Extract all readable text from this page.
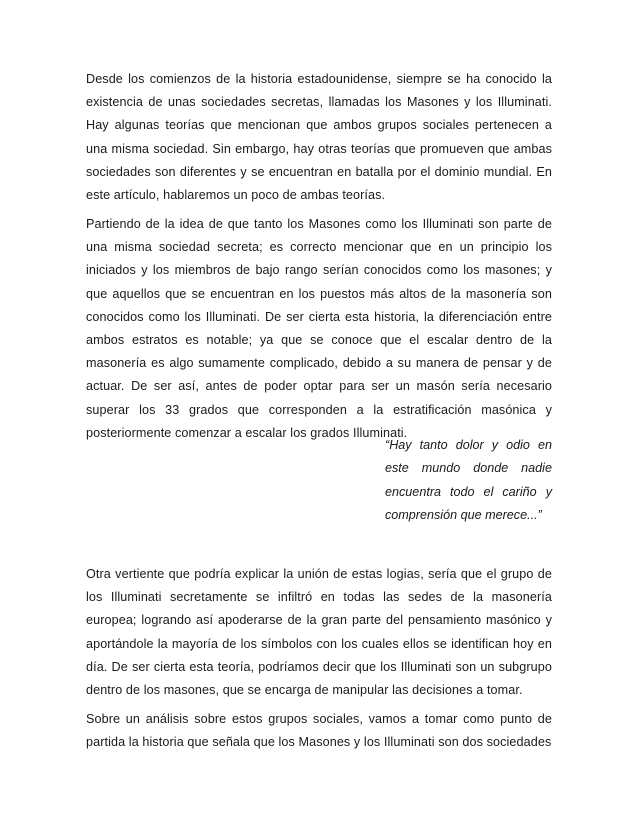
Desde los comienzos de la historia estadounidense, siempre se ha conocido la existencia de unas sociedades secretas, llamadas los Masones y los Illuminati. Hay algunas teorías que mencionan que ambos grupos sociales pertenecen a una misma sociedad. Sin embargo, hay otras teorías que promueven que ambas sociedades son diferentes y se encuentran en batalla por el dominio mundial. En este artículo, hablaremos un poco de ambas teorías.

Partiendo de la idea de que tanto los Masones como los Illuminati son parte de una misma sociedad secreta; es correcto mencionar que en un principio los iniciados y los miembros de bajo rango serían conocidos como los masones; y que aquellos que se encuentran en los puestos más altos de la masonería son conocidos como los Illuminati. De ser cierta esta historia, la diferenciación entre ambos estratos es notable; ya que se conoce que el escalar dentro de la masonería es algo sumamente complicado, debido a su manera de pensar y de actuar. De ser así, antes de poder optar para ser un masón sería necesario superar los 33 grados que corresponden a la estratificación masónica y posteriormente comenzar a escalar los grados Illuminati.

“Hay tanto dolor y odio en este mundo donde nadie encuentra todo el cariño y comprensión que merece...”

Otra vertiente que podría explicar la unión de estas logias, sería que el grupo de los Illuminati secretamente se infiltró en todas las sedes de la masonería europea; logrando así apoderarse de la gran parte del pensamiento masónico y aportándole la mayoría de los símbolos con los cuales ellos se identifican hoy en día. De ser cierta esta teoría, podríamos decir que los Illuminati son un subgrupo dentro de los masones, que se encarga de manipular las decisiones a tomar.

Sobre un análisis sobre estos grupos sociales, vamos a tomar como punto de partida la historia que señala que los Masones y los Illuminati son dos sociedades
